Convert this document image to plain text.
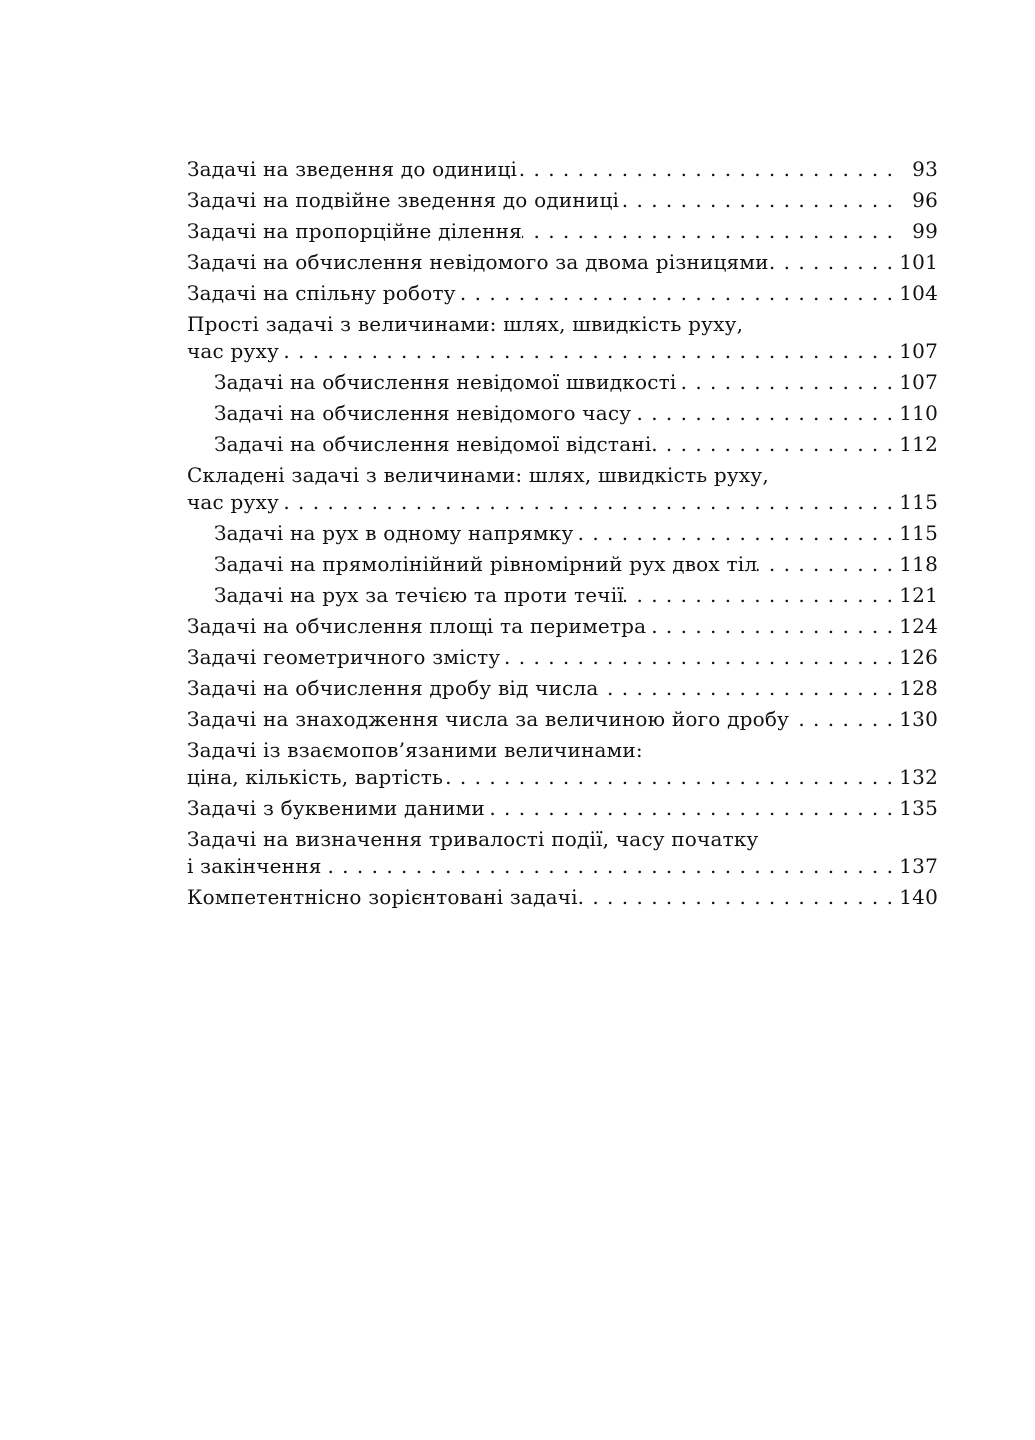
Задачі на зведення до одиниці . . .	93
Задачі на подвійне зведення до одиниці . . .	96
Задачі на пропорційне ділення . . .	99
Задачі на обчислення невідомого за двома різницями . . .	101
Задачі на спільну роботу . . .	104
Прості задачі з величинами: шлях, швидкість руху,
час руху . . .	107
Задачі на обчислення невідомої швидкості . . .	107
Задачі на обчислення невідомого часу . . .	110
Задачі на обчислення невідомої відстані . . .	112
Складені задачі з величинами: шлях, швидкість руху,
час руху . . .	115
Задачі на рух в одному напрямку . . .	115
Задачі на прямолінійний рівномірний рух двох тіл . . .	118
Задачі на рух за течією та проти течії . . .	121
Задачі на обчислення площі та периметра . . .	124
Задачі геометричного змісту . . .	126
Задачі на обчислення дробу від числа . . .	128
Задачі на знаходження числа за величиною його дробу . . .	130
Задачі із взаємопов’язаними величинами:
ціна, кількість, вартість . . .	132
Задачі з буквеними даними . . .	135
Задачі на визначення тривалості події, часу початку
і закінчення . . .	137
Компетентнісно зорієнтовані задачі . . .	140
